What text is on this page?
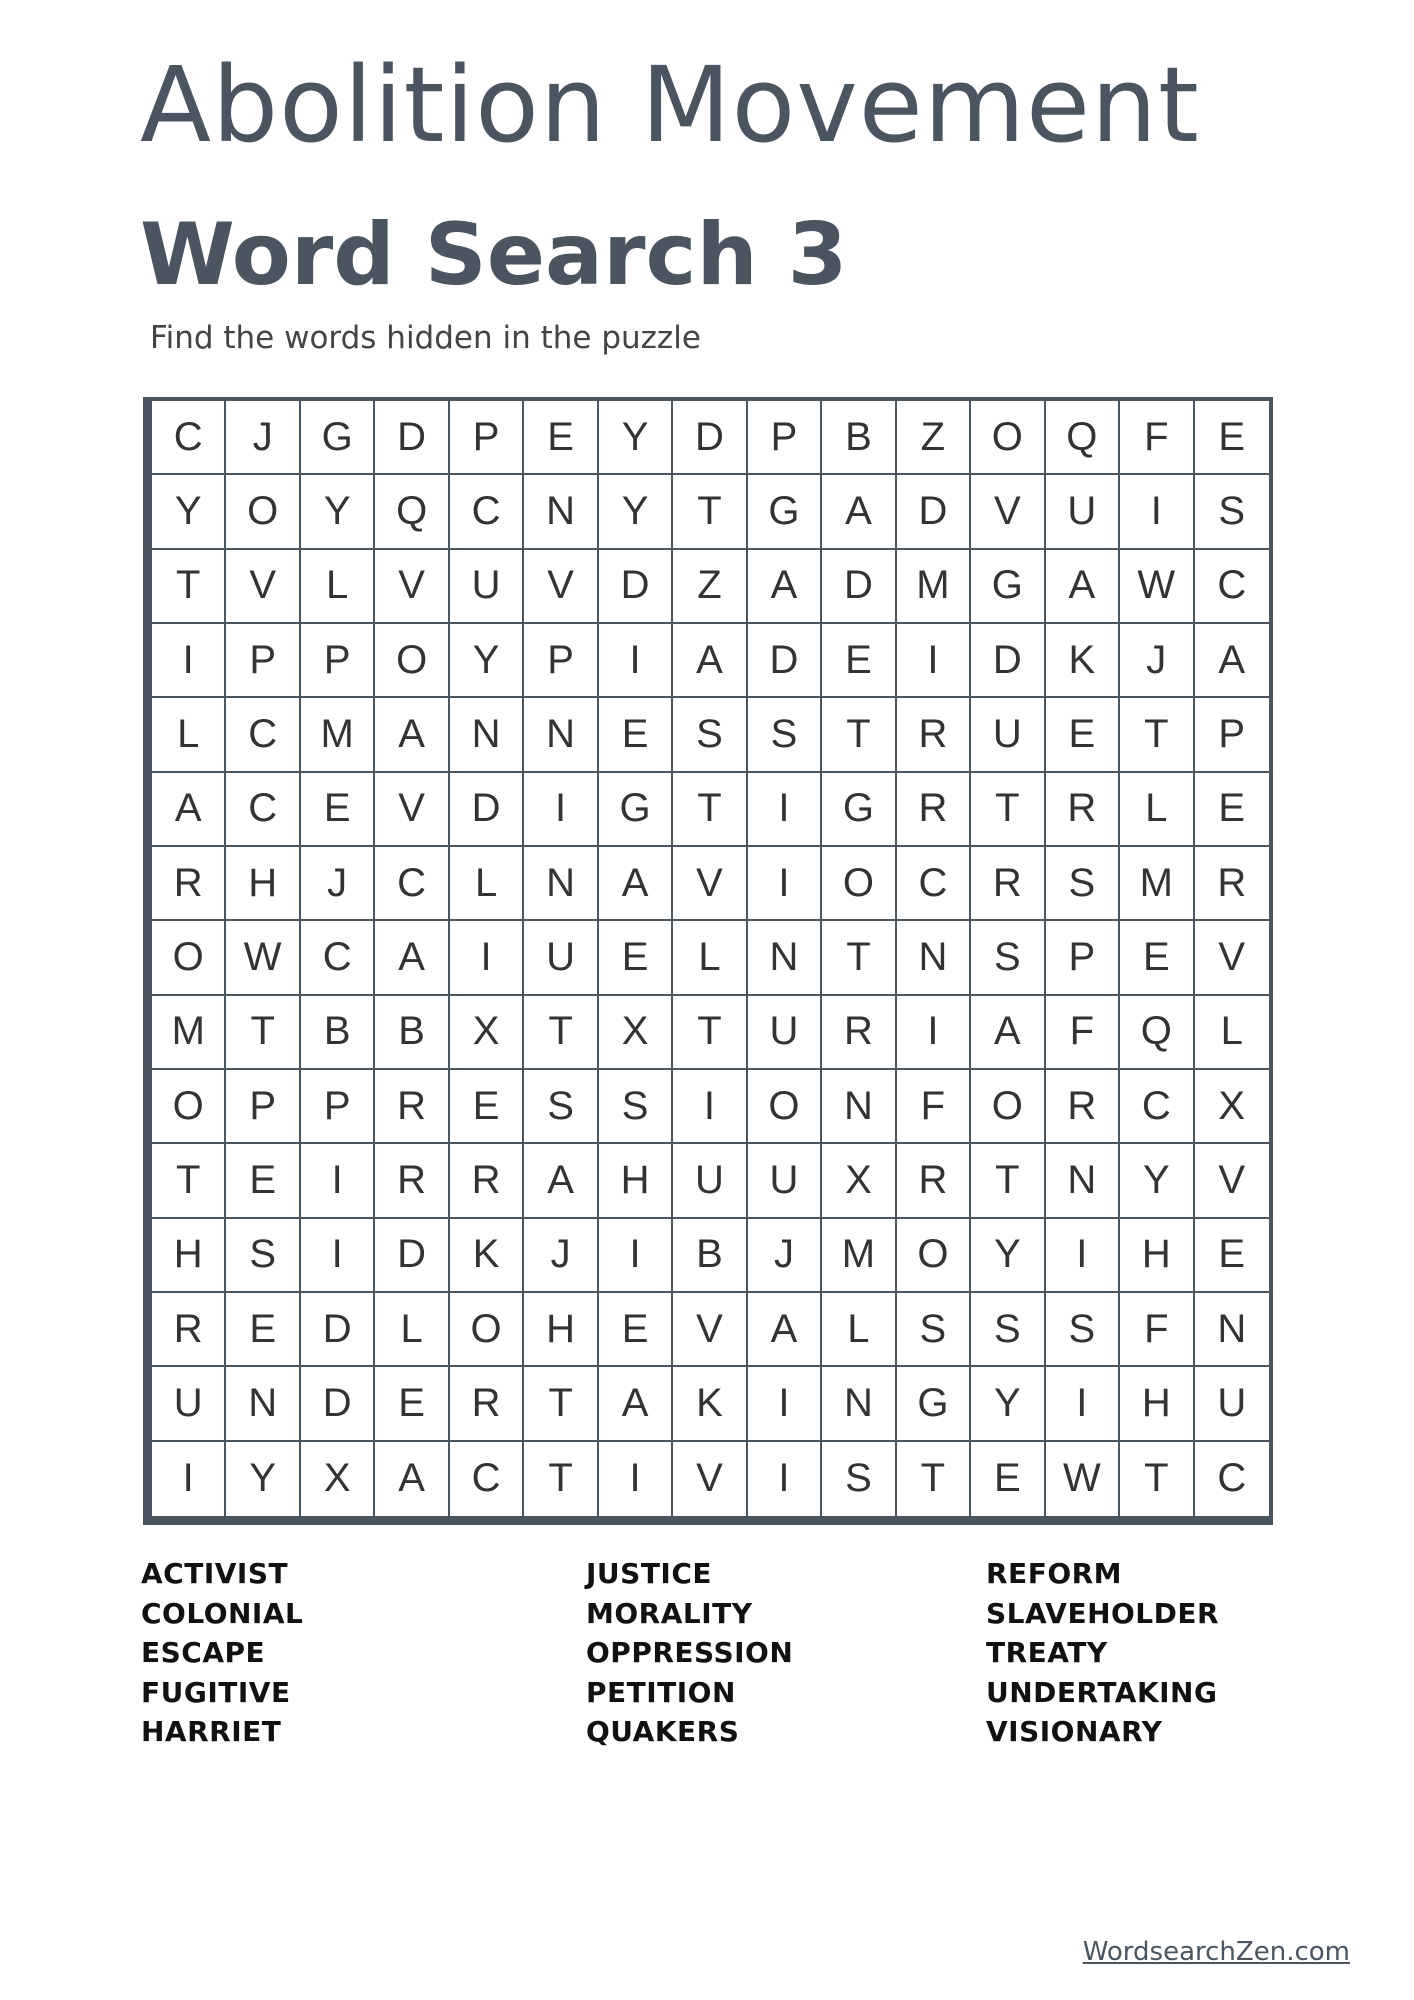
Abolition Movement
Word Search 3
Find the words hidden in the puzzle
C	J	G	D	P	E	Y	D	P	B	Z	O	Q	F	E
Y	O	Y	Q	C	N	Y	T	G	A	D	V	U	I	S
T	V	L	V	U	V	D	Z	A	D	M	G	A	W	C
I	P	P	O	Y	P	I	A	D	E	I	D	K	J	A
L	C	M	A	N	N	E	S	S	T	R	U	E	T	P
A	C	E	V	D	I	G	T	I	G	R	T	R	L	E
R	H	J	C	L	N	A	V	I	O	C	R	S	M	R
O	W	C	A	I	U	E	L	N	T	N	S	P	E	V
M	T	B	B	X	T	X	T	U	R	I	A	F	Q	L
O	P	P	R	E	S	S	I	O	N	F	O	R	C	X
T	E	I	R	R	A	H	U	U	X	R	T	N	Y	V
H	S	I	D	K	J	I	B	J	M	O	Y	I	H	E
R	E	D	L	O	H	E	V	A	L	S	S	S	F	N
U	N	D	E	R	T	A	K	I	N	G	Y	I	H	U
I	Y	X	A	C	T	I	V	I	S	T	E	W	T	C
ACTIVIST
COLONIAL
ESCAPE
FUGITIVE
HARRIET
JUSTICE
MORALITY
OPPRESSION
PETITION
QUAKERS
REFORM
SLAVEHOLDER
TREATY
UNDERTAKING
VISIONARY
WordsearchZen.com
